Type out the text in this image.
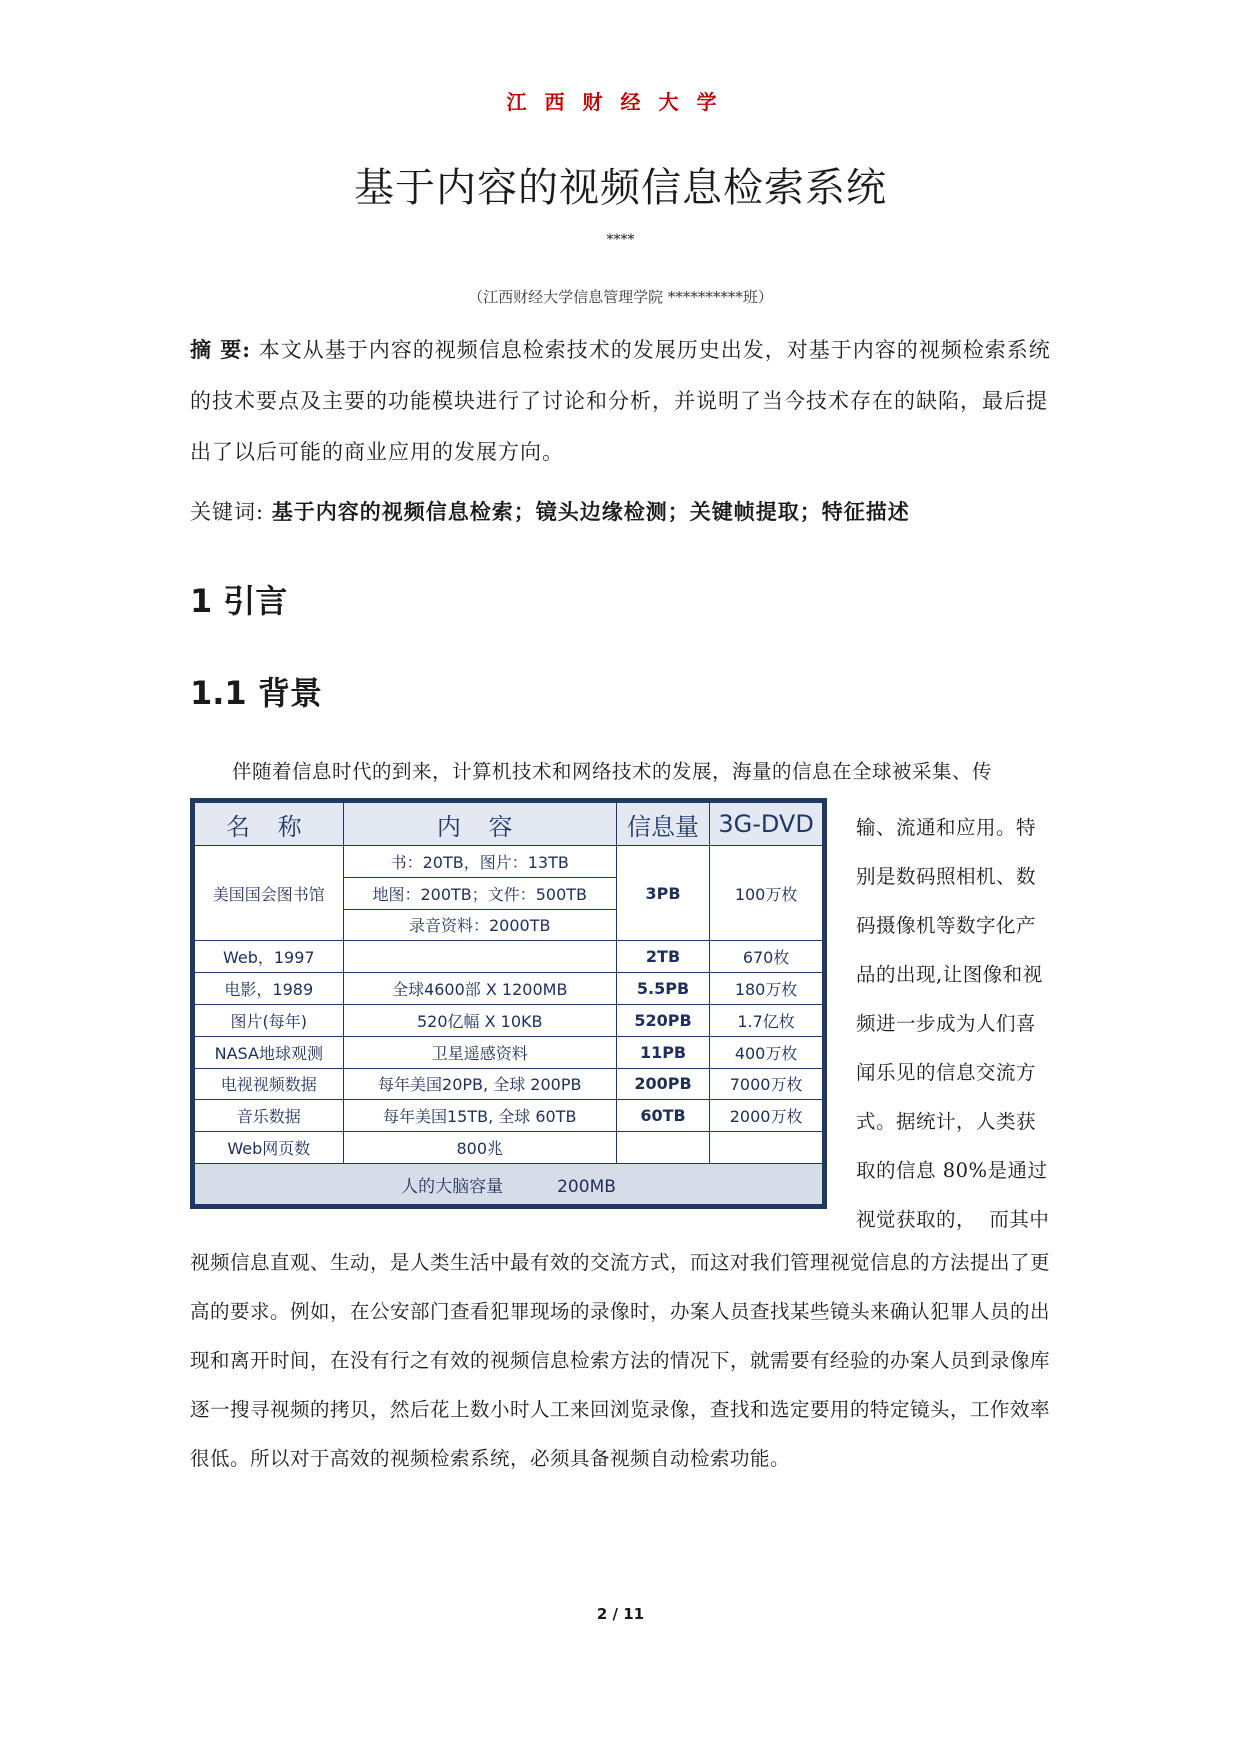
江西财经大学
基于内容的视频信息检索系统
****
（江西财经大学信息管理学院 **********班）
摘 要: 本文从基于内容的视频信息检索技术的发展历史出发，对基于内容的视频检索系统的技术要点及主要的功能模块进行了讨论和分析，并说明了当今技术存在的缺陷，最后提出了以后可能的商业应用的发展方向。
关键词: 基于内容的视频信息检索；镜头边缘检测；关键帧提取；特征描述
1 引言
1.1 背景
伴随着信息时代的到来，计算机技术和网络技术的发展，海量的信息在全球被采集、传
名 称	内 容	信息量	3G-DVD
美国国会图书馆	书：20TB，图片：13TB	3PB	100万枚
	地图：200TB；文件：500TB		
	录音资料：2000TB		
Web，1997		2TB	670枚
电影，1989	全球4600部 X 1200MB	5.5PB	180万枚
图片(每年)	520亿幅 X 10KB	520PB	1.7亿枚
NASA地球观测	卫星遥感资料	11PB	400万枚
电视视频数据	每年美国20PB, 全球 200PB	200PB	7000万枚
音乐数据	每年美国15TB, 全球 60TB	60TB	2000万枚
Web网页数	800兆		
人的大脑容量          200MB			
输、流通和应用。特
别是数码照相机、数
码摄像机等数字化产
品的出现,让图像和视
频进一步成为人们喜
闻乐见的信息交流方
式。据统计，人类获
取的信息 80%是通过
视觉获取的，  而其中
视频信息直观、生动，是人类生活中最有效的交流方式，而这对我们管理视觉信息的方法提出了更高的要求。例如，在公安部门查看犯罪现场的录像时，办案人员查找某些镜头来确认犯罪人员的出现和离开时间，在没有行之有效的视频信息检索方法的情况下，就需要有经验的办案人员到录像库逐一搜寻视频的拷贝，然后花上数小时人工来回浏览录像，查找和选定要用的特定镜头，工作效率很低。所以对于高效的视频检索系统，必须具备视频自动检索功能。
2 / 11
